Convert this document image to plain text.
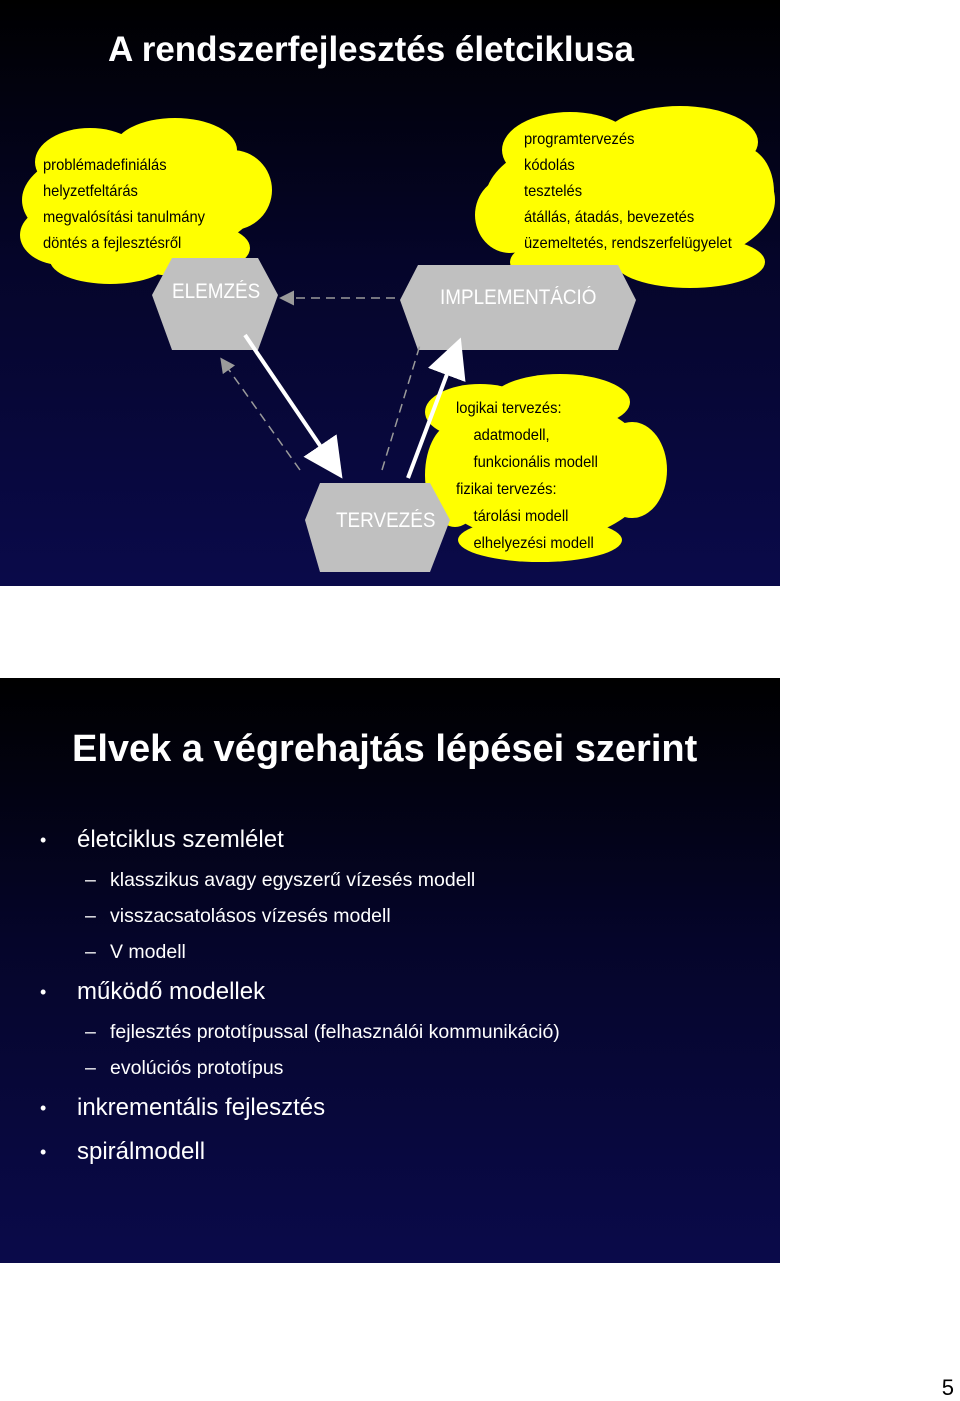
A rendszerfejlesztés életciklusa
problémadefiniálás
helyzetfeltárás
megvalósítási tanulmány
döntés a fejlesztésről
programtervezés
kódolás
tesztelés
átállás, átadás, bevezetés
üzemeltetés, rendszerfelügyelet
logikai tervezés:
adatmodell,
funkcionális modell
fizikai tervezés:
tárolási modell
elhelyezési modell
ELEMZÉS	IMPLEMENTÁCIÓ
TERVEZÉS
Elvek a végrehajtás lépései szerint
• életciklus szemlélet
– klasszikus avagy egyszerű vízesés modell
– visszacsatolásos vízesés modell
– V modell
• működő modellek
– fejlesztés prototípussal (felhasználói kommunikáció)
– evolúciós prototípus
• inkrementális fejlesztés
• spirálmodell
5
